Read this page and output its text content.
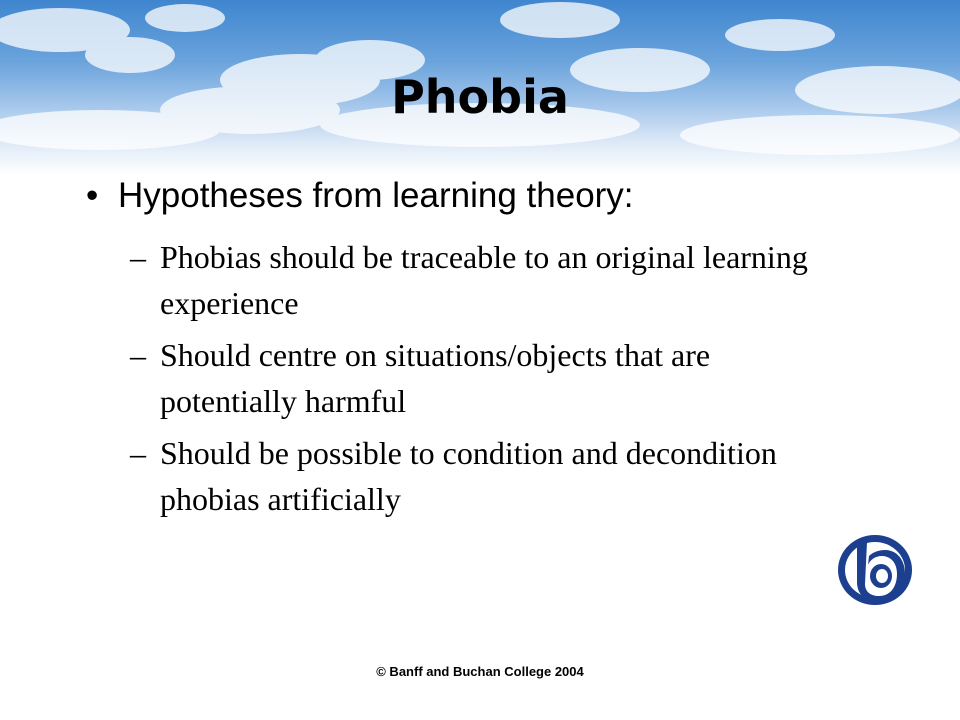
Phobia
• Hypotheses from learning theory:
– Phobias should be traceable to an original learning experience
– Should centre on situations/objects that are potentially harmful
– Should be possible to condition and decondition phobias artificially
© Banff and Buchan College 2004
